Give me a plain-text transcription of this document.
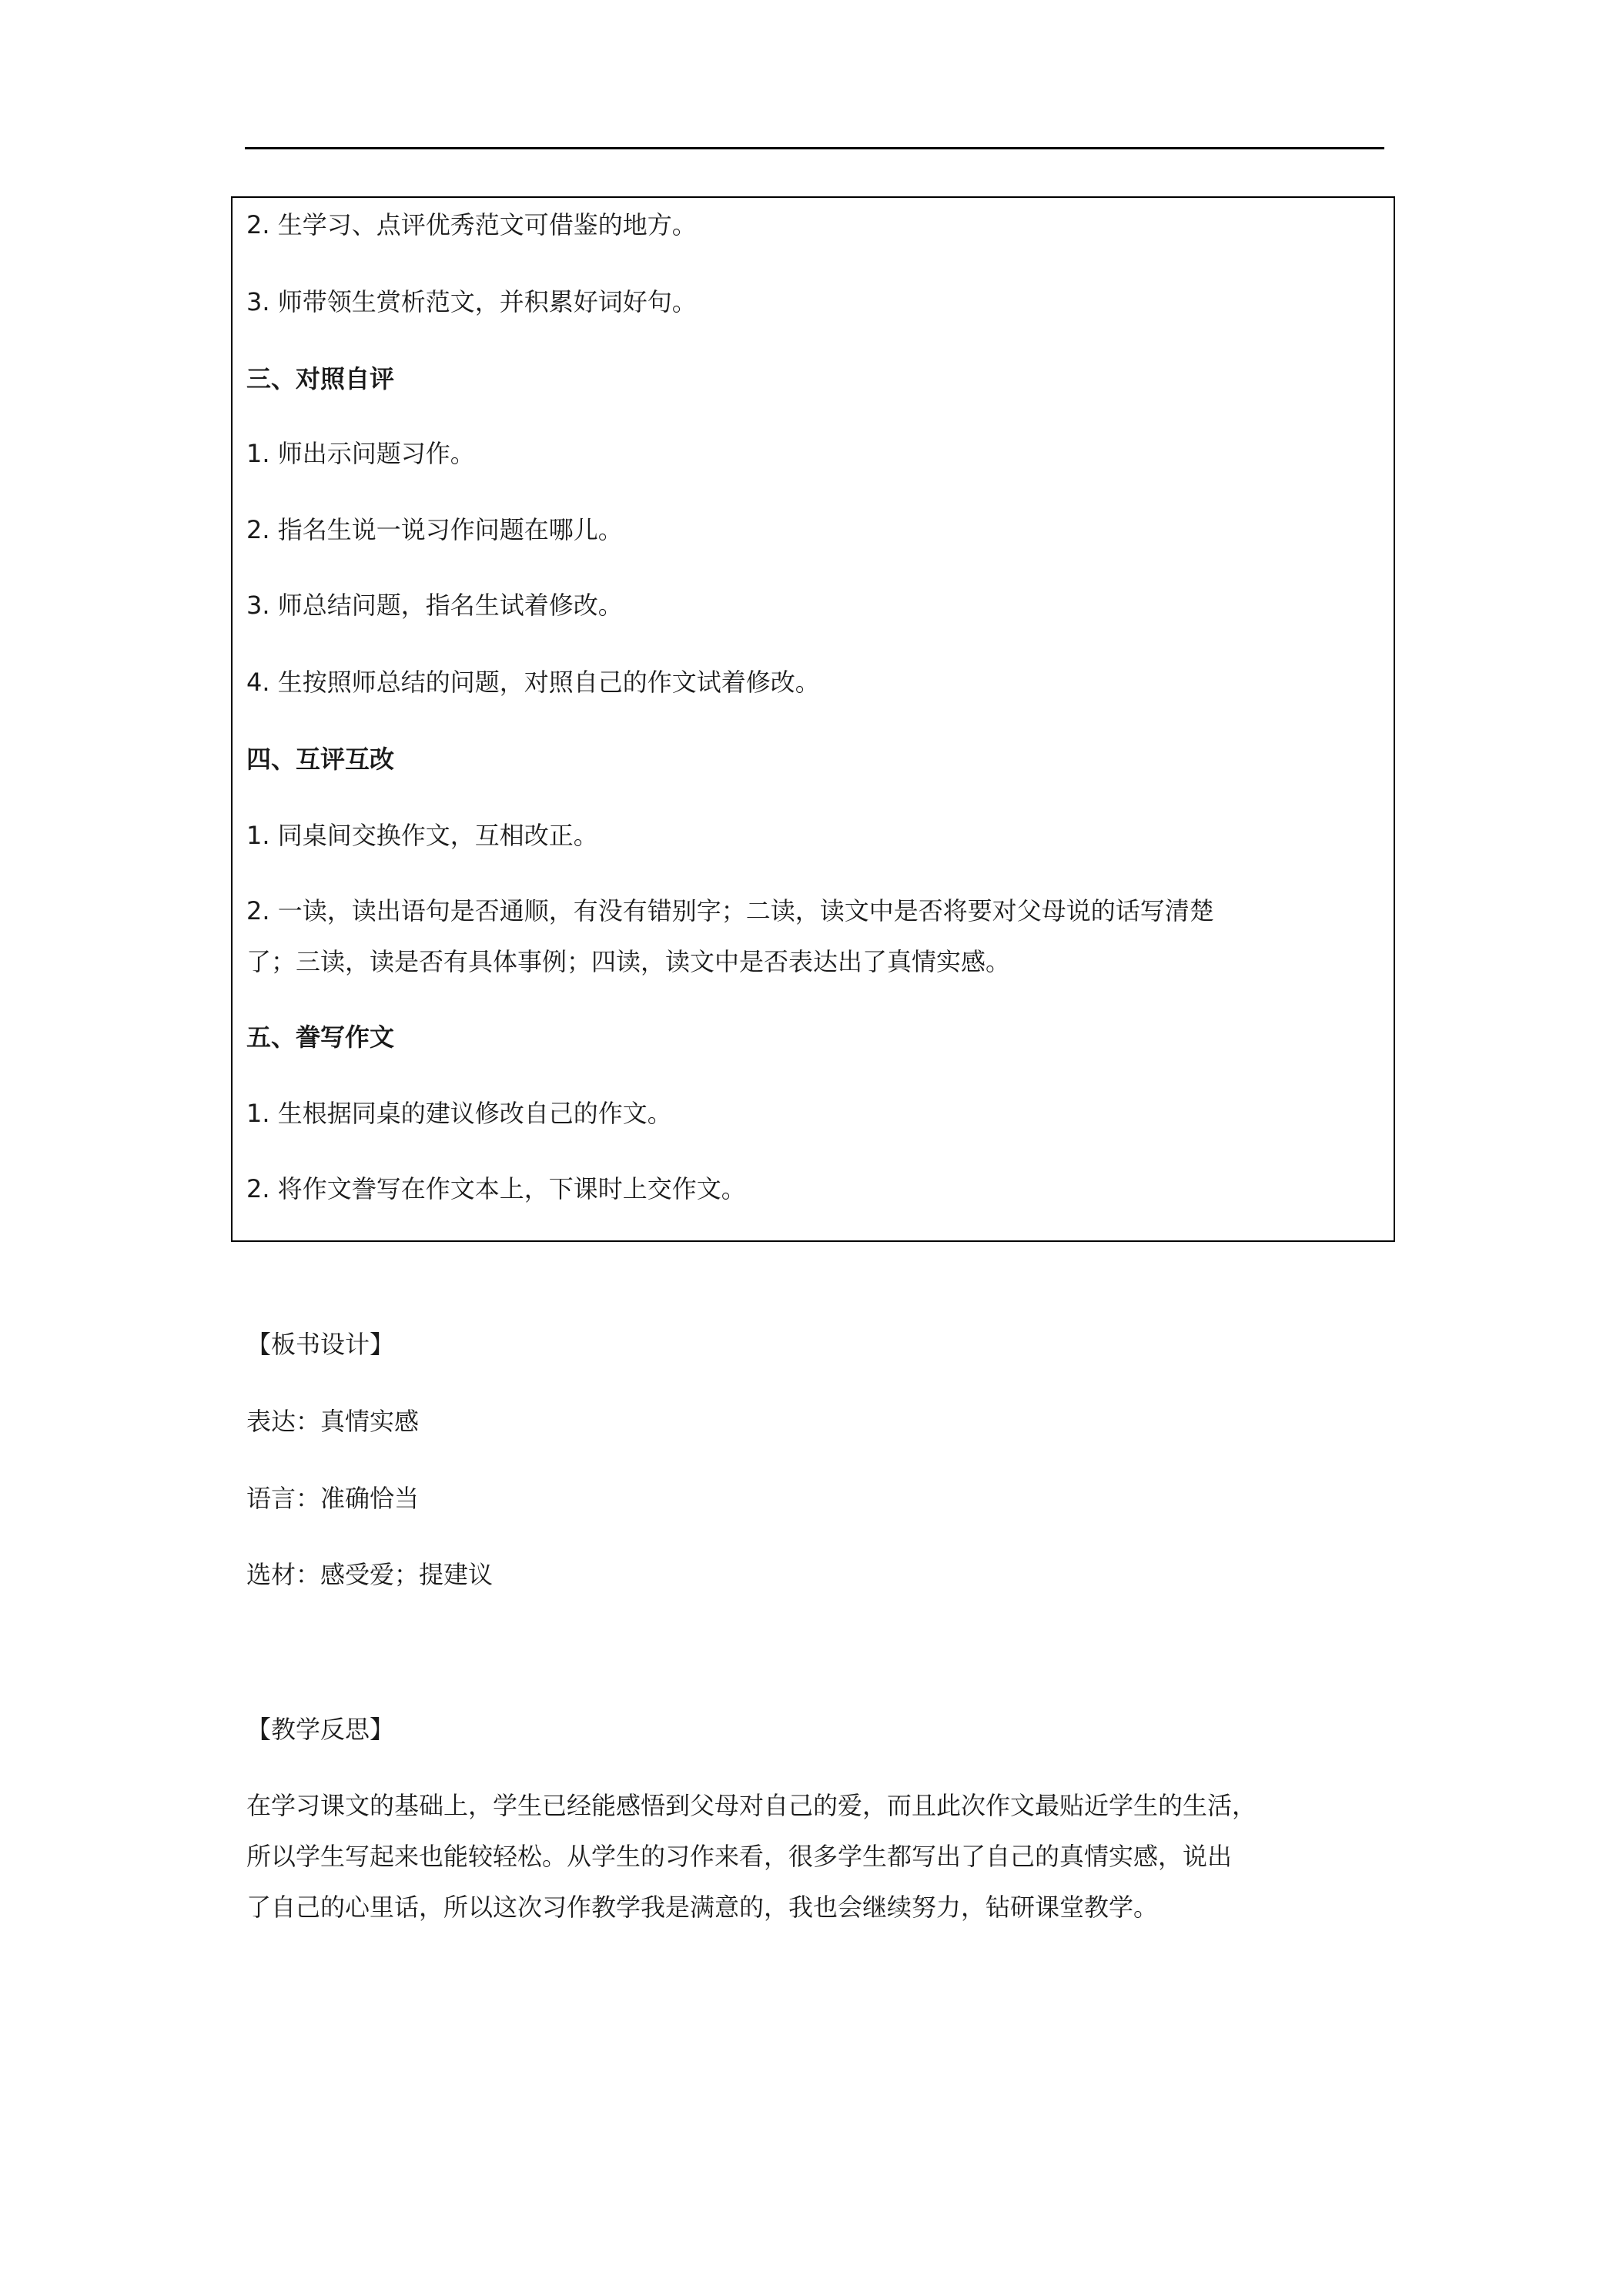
2. 生学习、点评优秀范文可借鉴的地方。
3. 师带领生赏析范文，并积累好词好句。
三、对照自评
1. 师出示问题习作。
2. 指名生说一说习作问题在哪儿。
3. 师总结问题，指名生试着修改。
4. 生按照师总结的问题，对照自己的作文试着修改。
四、互评互改
1. 同桌间交换作文，互相改正。
2. 一读，读出语句是否通顺，有没有错别字；二读，读文中是否将要对父母说的话写清楚
了；三读，读是否有具体事例；四读，读文中是否表达出了真情实感。
五、誊写作文
1. 生根据同桌的建议修改自己的作文。
2. 将作文誊写在作文本上，下课时上交作文。
【板书设计】
表达：真情实感
语言：准确恰当
选材：感受爱；提建议
【教学反思】
在学习课文的基础上，学生已经能感悟到父母对自己的爱，而且此次作文最贴近学生的生活，
所以学生写起来也能较轻松。从学生的习作来看，很多学生都写出了自己的真情实感，说出
了自己的心里话，所以这次习作教学我是满意的，我也会继续努力，钻研课堂教学。
